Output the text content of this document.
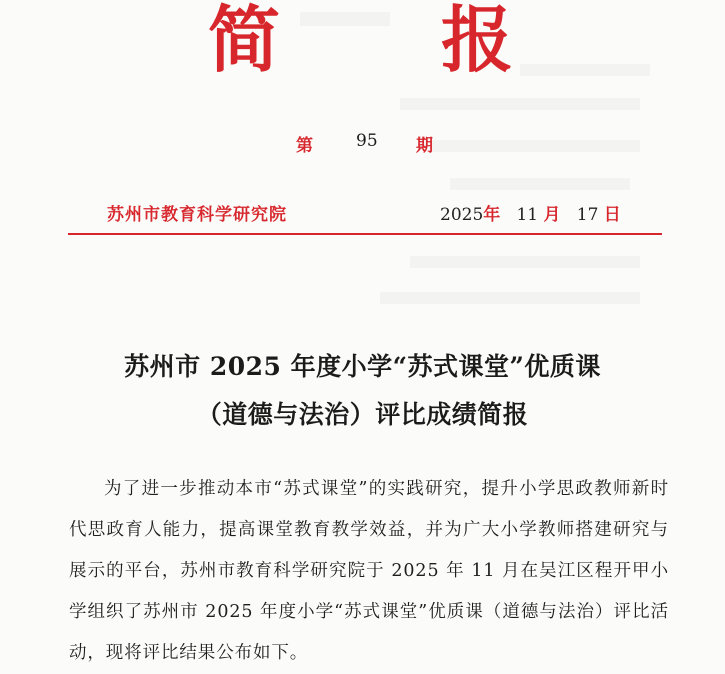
简 报
第	95 期
苏州市教育科学研究院	2025年 11 月 17 日
苏州市 2025 年度小学“苏式课堂”优质课
（道德与法治）评比成绩简报

为了进一步推动本市“苏式课堂”的实践研究，提升小学思政教师新时代思政育人能力，提高课堂教育教学效益，并为广大小学教师搭建研究与展示的平台，苏州市教育科学研究院于 2025 年 11 月在吴江区程开甲小学组织了苏州市 2025 年度小学“苏式课堂”优质课（道德与法治）评比活动，现将评比结果公布如下。
